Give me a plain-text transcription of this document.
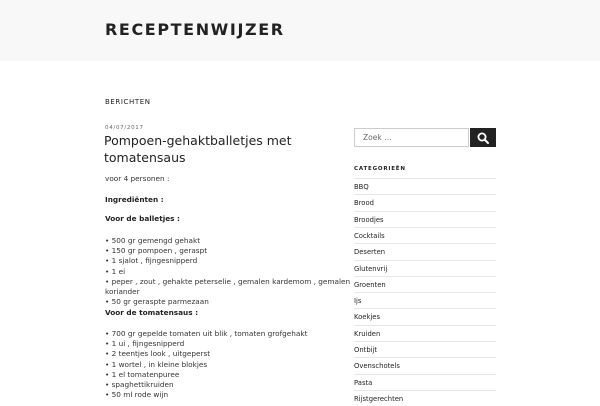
RECEPTENWIJZER
BERICHTEN
04/07/2017
Pompoen-gehaktballetjes met tomatensaus
voor 4 personen :
Ingrediënten :
Voor de balletjes :
• 500 gr gemengd gehakt
• 150 gr pompoen , geraspt
• 1 sjalot , fijngesnipperd
• 1 ei
• peper , zout , gehakte peterselie , gemalen kardemom , gemalen
koriander
• 50 gr geraspte parmezaan
Voor de tomatensaus :
• 700 gr gepelde tomaten uit blik , tomaten grofgehakt
• 1 ui , fijngesnipperd
• 2 teentjes look , uitgeperst
• 1 wortel , in kleine blokjes
• 1 el tomatenpuree
• spaghettikruiden
• 50 ml rode wijn
Zoek …
CATEGORIEËN
BBQ
Brood
Broodjes
Cocktails
Deserten
Glutenvrij
Groenten
Ijs
Koekjes
Kruiden
Ontbijt
Ovenschotels
Pasta
Rijstgerechten
